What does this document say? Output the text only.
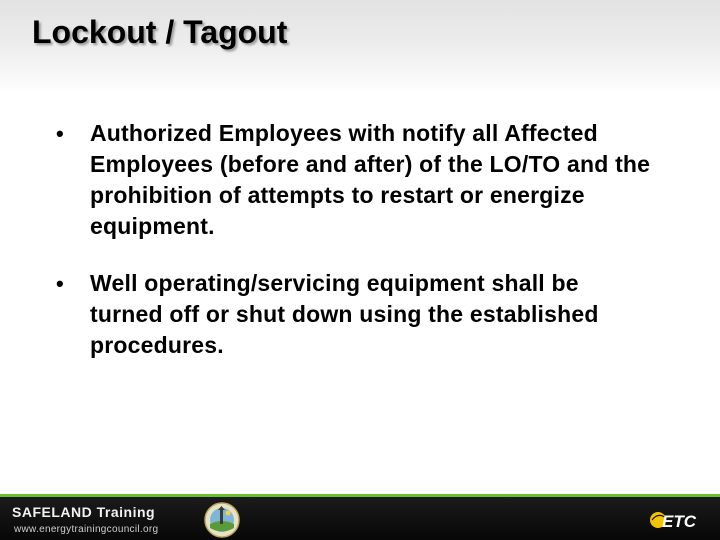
Lockout / Tagout
• Authorized Employees with notify all Affected Employees (before and after) of the LO/TO and the prohibition of attempts to restart or energize equipment.
• Well operating/servicing equipment shall be turned off or shut down using the established procedures.
SAFELAND Training
www.energytrainingcouncil.org	ETC
